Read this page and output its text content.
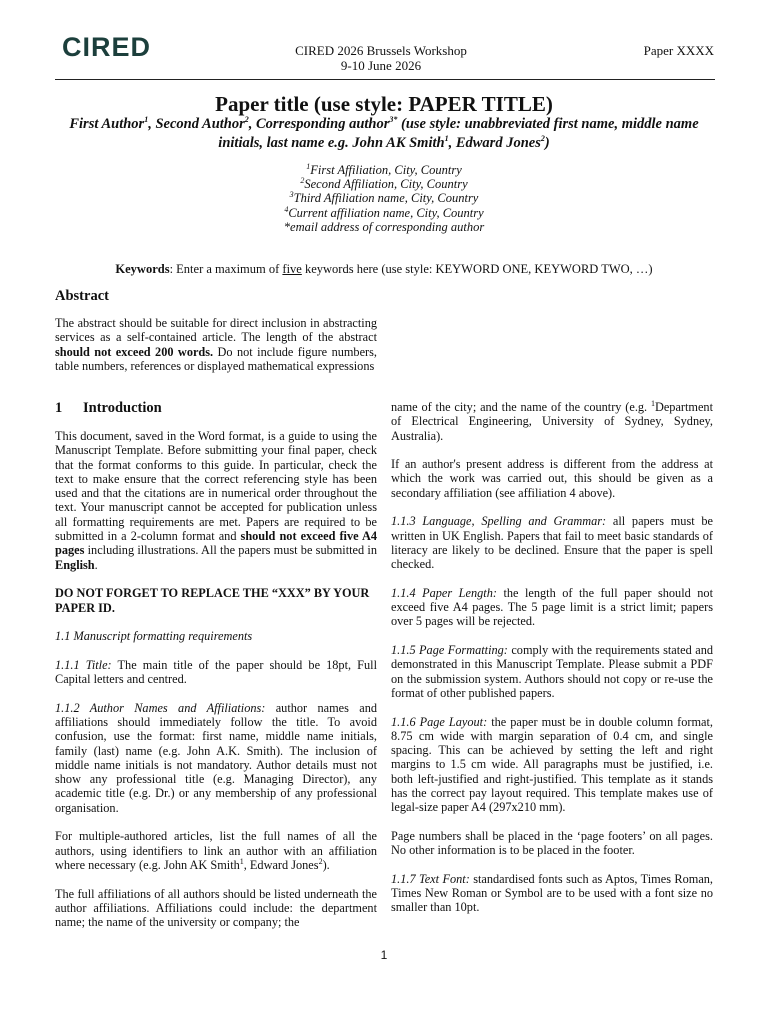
CIRED	CIRED 2026 Brussels Workshop
9-10 June 2026
Paper XXXX
Paper title (use style: PAPER TITLE)
First Author$^1$, Second Author$^2$, Corresponding author$^{3*}$ (use style: unabbreviated first name, middle name initials, last name e.g. John AK Smith$^1$, Edward Jones$^2$)
$^1$First Affiliation, City, Country
$^2$Second Affiliation, City, Country
$^3$Third Affiliation name, City, Country
$^4$Current affiliation name, City, Country
*email address of corresponding author
Keywords: Enter a maximum of five keywords here (use style: KEYWORD ONE, KEYWORD TWO, …)
Abstract

The abstract should be suitable for direct inclusion in abstracting services as a self-contained article. The length of the abstract should not exceed 200 words. Do not include figure numbers, table numbers, references or displayed mathematical expressions

1 Introduction

This document, saved in the Word format, is a guide to using the Manuscript Template. Before submitting your final paper, check that the format conforms to this guide. In particular, check the text to make ensure that the correct referencing style has been used and that the citations are in numerical order throughout the text. Your manuscript cannot be accepted for publication unless all formatting requirements are met. Papers are required to be submitted in a 2-column format and should not exceed five A4 pages including illustrations. All the papers must be submitted in English.

DO NOT FORGET TO REPLACE THE “XXX” BY YOUR PAPER ID.

1.1 Manuscript formatting requirements

1.1.1 Title: The main title of the paper should be 18pt, Full Capital letters and centred.

1.1.2 Author Names and Affiliations: author names and affiliations should immediately follow the title. To avoid confusion, use the format: first name, middle name initials, family (last) name (e.g. John A.K. Smith). The inclusion of middle name initials is not mandatory. Author details must not show any professional title (e.g. Managing Director), any academic title (e.g. Dr.) or any membership of any professional organisation.

For multiple-authored articles, list the full names of all the authors, using identifiers to link an author with an affiliation where necessary (e.g. John AK Smith$^1$, Edward Jones$^2$).

The full affiliations of all authors should be listed underneath the author affiliations. Affiliations could include: the department name; the name of the university or company; the

name of the city; and the name of the country (e.g. $^1$Department of Electrical Engineering, University of Sydney, Sydney, Australia).

If an author's present address is different from the address at which the work was carried out, this should be given as a secondary affiliation (see affiliation 4 above).

1.1.3 Language, Spelling and Grammar: all papers must be written in UK English. Papers that fail to meet basic standards of literacy are likely to be declined. Ensure that the paper is spell checked.

1.1.4 Paper Length: the length of the full paper should not exceed five A4 pages. The 5 page limit is a strict limit; papers over 5 pages will be rejected.

1.1.5 Page Formatting: comply with the requirements stated and demonstrated in this Manuscript Template. Please submit a PDF on the submission system. Authors should not copy or re-use the format of other published papers.

1.1.6 Page Layout: the paper must be in double column format, 8.75 cm wide with margin separation of 0.4 cm, and single spacing. This can be achieved by setting the left and right margins to 1.5 cm wide. All paragraphs must be justified, i.e. both left-justified and right-justified. This template as it stands has the correct pay layout required. This template makes use of legal-size paper A4 (297x210 mm).

Page numbers shall be placed in the ‘page footers’ on all pages. No other information is to be placed in the footer.

1.1.7 Text Font: standardised fonts such as Aptos, Times Roman, Times New Roman or Symbol are to be used with a font size no smaller than 10pt.

1
